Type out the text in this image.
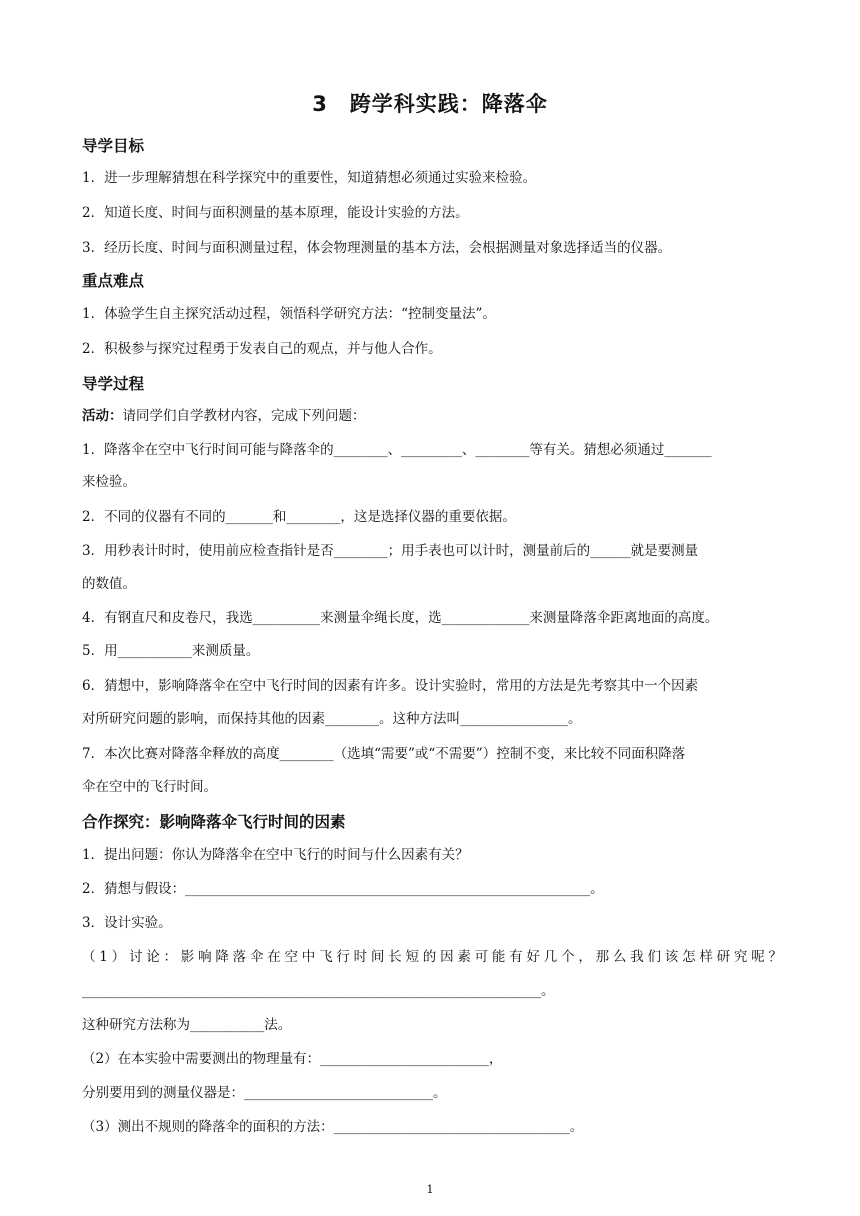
3　跨学科实践：降落伞
导学目标
1．进一步理解猜想在科学探究中的重要性，知道猜想必须通过实验来检验。
2．知道长度、时间与面积测量的基本原理，能设计实验的方法。
3．经历长度、时间与面积测量过程，体会物理测量的基本方法，会根据测量对象选择适当的仪器。
重点难点
1．体验学生自主探究活动过程，领悟科学研究方法：“控制变量法”。
2．积极参与探究过程勇于发表自己的观点，并与他人合作。
导学过程
活动：请同学们自学教材内容，完成下列问题：
1．降落伞在空中飞行时间可能与降落伞的________、_________、________等有关。猜想必须通过_______
来检验。
2．不同的仪器有不同的_______和________，这是选择仪器的重要依据。
3．用秒表计时时，使用前应检查指针是否________；用手表也可以计时，测量前后的______就是要测量
的数值。
4．有钢直尺和皮卷尺，我选__________来测量伞绳长度，选_____________来测量降落伞距离地面的高度。
5．用___________来测质量。
6．猜想中，影响降落伞在空中飞行时间的因素有许多。设计实验时，常用的方法是先考察其中一个因素
对所研究问题的影响，而保持其他的因素________。这种方法叫________________。
7．本次比赛对降落伞释放的高度________（选填“需要”或“不需要”）控制不变，来比较不同面积降落
伞在空中的飞行时间。
合作探究：影响降落伞飞行时间的因素
1．提出问题：你认为降落伞在空中飞行的时间与什么因素有关？
2．猜想与假设：____________________________________________________________。
3．设计实验。
（1）讨论：影响降落伞在空中飞行时间长短的因素可能有好几个，那么我们该怎样研究呢？
____________________________________________________________________。
这种研究方法称为___________法。
（2）在本实验中需要测出的物理量有：_________________________，
分别要用到的测量仪器是：____________________________。
（3）测出不规则的降落伞的面积的方法：___________________________________。
1
